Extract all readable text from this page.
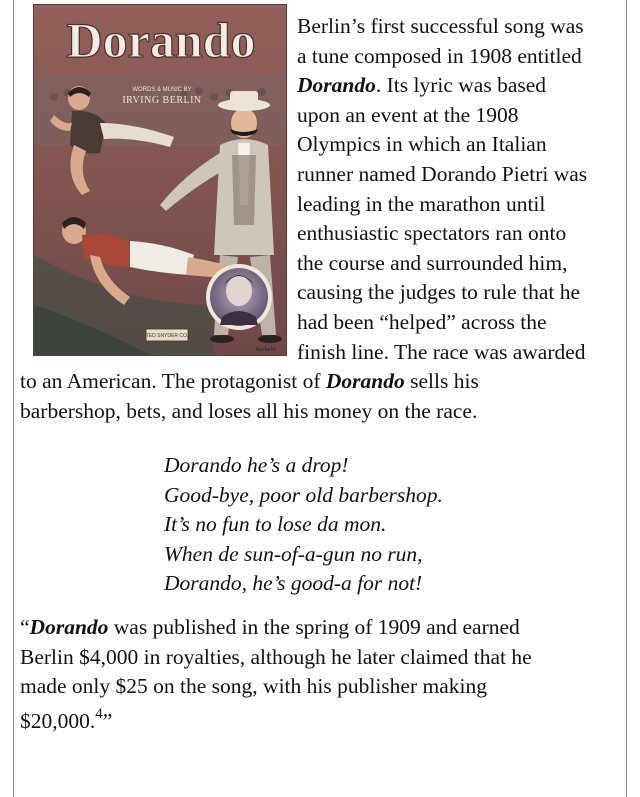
Dorando
WORDS & MUSIC BY
IRVING BERLIN
TED SNYDER CO.
Barbelle
Berlin’s first successful song was
a tune composed in 1908 entitled
Dorando. Its lyric was based
upon an event at the 1908
Olympics in which an Italian
runner named Dorando Pietri was
leading in the marathon until
enthusiastic spectators ran onto
the course and surrounded him,
causing the judges to rule that he
had been “helped” across the
finish line. The race was awarded
to an American. The protagonist of Dorando sells his
barbershop, bets, and loses all his money on the race.
Dorando he’s a drop!
Good-bye, poor old barbershop.
It’s no fun to lose da mon.
When de sun-of-a-gun no run,
Dorando, he’s good-a for not!
“Dorando was published in the spring of 1909 and earned
Berlin $4,000 in royalties, although he later claimed that he
made only $25 on the song, with his publisher making
$20,000.$^4$”
